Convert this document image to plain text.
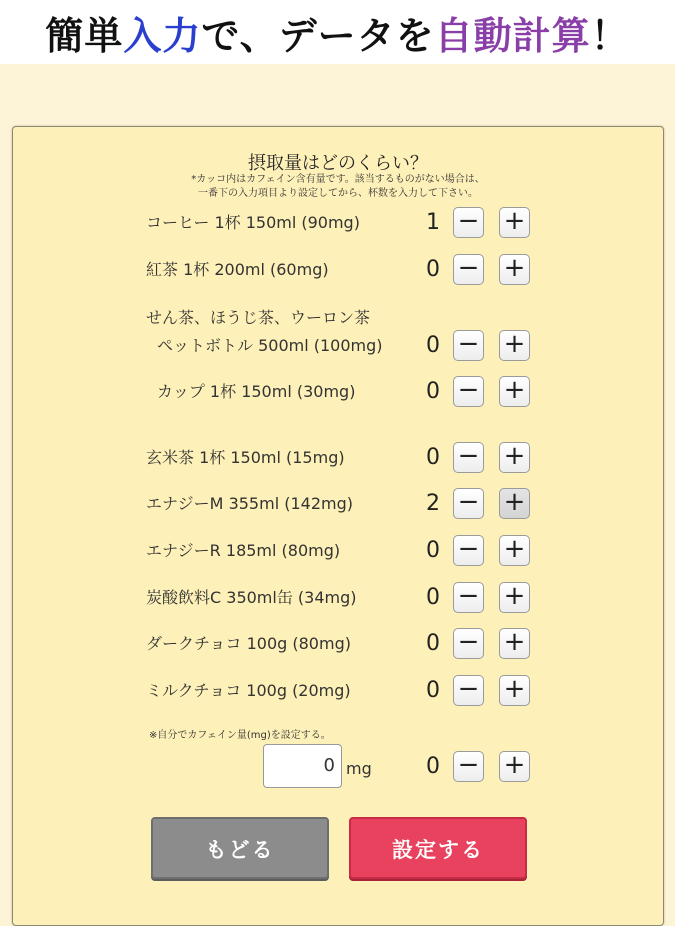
簡単 入力 で、データを 自動計算 ！
摂取量はどのくらい？
*カッコ内はカフェイン含有量です。該当するものがない場合は、
一番下の入力項目より設定してから、杯数を入力して下さい。
コーヒー 1杯 150ml (90mg)	1 − +
紅茶 1杯 200ml (60mg)	0 − +
せん茶、ほうじ茶、ウーロン茶
ペットボトル 500ml (100mg)	0 − +
カップ 1杯 150ml (30mg)	0 − +
玄米茶 1杯 150ml (15mg)	0 − +
エナジーM 355ml (142mg)	2 − +
エナジーR 185ml (80mg)	0 − +
炭酸飲料C 350ml缶 (34mg)	0 − +
ダークチョコ 100g (80mg)	0 − +
ミルクチョコ 100g (20mg)	0 − +
※自分でカフェイン量(mg)を設定する。
0 mg	0 − +
もどる	設定する
